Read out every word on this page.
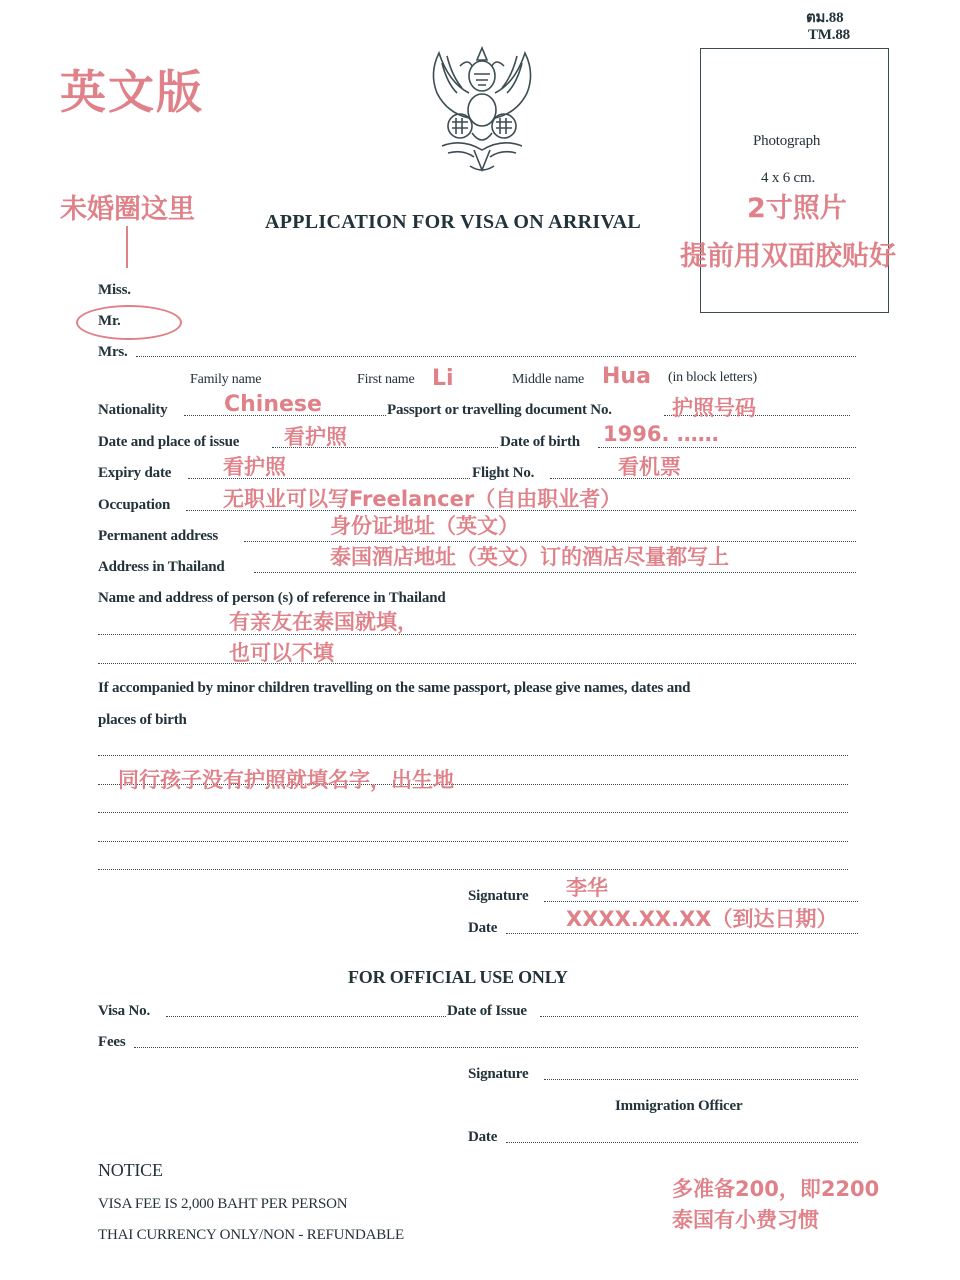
英文版
未婚圈这里
ตม.88
TM.88
APPLICATION FOR VISA ON ARRIVAL
Photograph
4 x 6 cm.
2寸照片
提前用双面胶贴好
Miss.
Mr.
Mrs.
Family name	First name Li	Middle name Hua (in block letters)
Nationality	Chinese	Passport or travelling document No.	护照号码
Date and place of issue 看护照	Date of birth 1996. ……
Expiry date 看护照	Flight No.	看机票
Occupation	无职业可以写Freelancer（自由职业者）
Permanent address	身份证地址（英文）
Address in Thailand	泰国酒店地址（英文）订的酒店尽量都写上
Name and address of person (s) of reference in Thailand
有亲友在泰国就填，
也可以不填
If accompanied by minor children travelling on the same passport, please give names, dates and
places of birth
同行孩子没有护照就填名字，出生地
李华
Signature
Date	XXXX.XX.XX（到达日期）
FOR OFFICIAL USE ONLY
Visa No.	Date of Issue
Fees
Signature
Immigration Officer
Date
NOTICE
VISA FEE IS 2,000 BAHT PER PERSON
THAI CURRENCY ONLY/NON - REFUNDABLE
多准备200，即2200
泰国有小费习惯
